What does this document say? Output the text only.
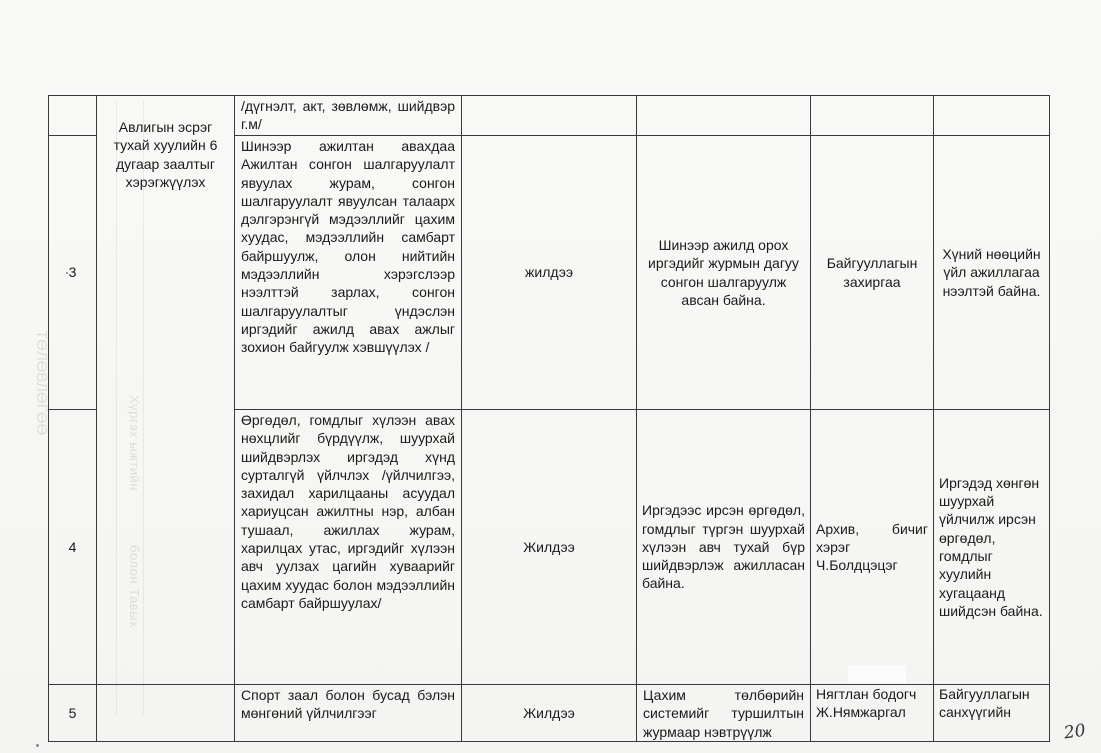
	Авлигын эсрэг тухай хуулийн 6 дугаар заалтыг хэрэгжүүлэх	/дүгнэлт, акт, зөвлөмж, шийдвэр г.м/				
3		Шинээр ажилтан авахдаа Ажилтан сонгон шалгаруулалт явуулах журам, сонгон шалгаруулалт явуулсан талаарх дэлгэрэнгүй мэдээллийг цахим хуудас, мэдээллийн самбарт байршуулж, олон нийтийн мэдээллийн хэрэгслээр нээлттэй зарлах, сонгон шалгаруулалтыг үндэслэн иргэдийг ажилд авах ажлыг зохион байгуулж хэвшүүлэх /	жилдээ	Шинээр ажилд орох иргэдийг журмын дагуу сонгон шалгаруулж авсан байна.	Байгууллагын захиргаа	Хүний нөөцийн үйл ажиллагаа нээлтэй байна.
4		Өргөдөл, гомдлыг хүлээн авах нөхцлийг бүрдүүлж, шуурхай шийдвэрлэх иргэдэд хүнд сурталгүй үйлчлэх /үйлчилгээ, захидал харилцааны асуудал хариуцсан ажилтны нэр, албан тушаал, ажиллах журам, харилцах утас, иргэдийг хүлээн авч уулзах цагийн хуваарийг цахим хуудас болон мэдээллийн самбарт байршуулах/	Жилдээ	Иргэдээс ирсэн өргөдөл, гомдлыг түргэн шуурхай хүлээн авч тухай бүр шийдвэрлэж ажилласан байна.	Архив, бичиг хэрэг Ч.Болдцэцэг	Иргэдэд хөнгөн шуурхай үйлчилж ирсэн өргөдөл, гомдлыг хуулийн хугацаанд шийдсэн байна.
5		Спорт заал болон бусад бэлэн мөнгөний үйлчилгээг	Жилдээ	Цахим төлбөрийн системийг туршилтын журмаар нэвтрүүлж	Нягтлан бодогч Ж.Нямжаргал	Байгууллагын санхүүгийн
Хүргэх ыжтийн
болон Тавых
ТӨЛӨВЛӨГӨӨ
20
